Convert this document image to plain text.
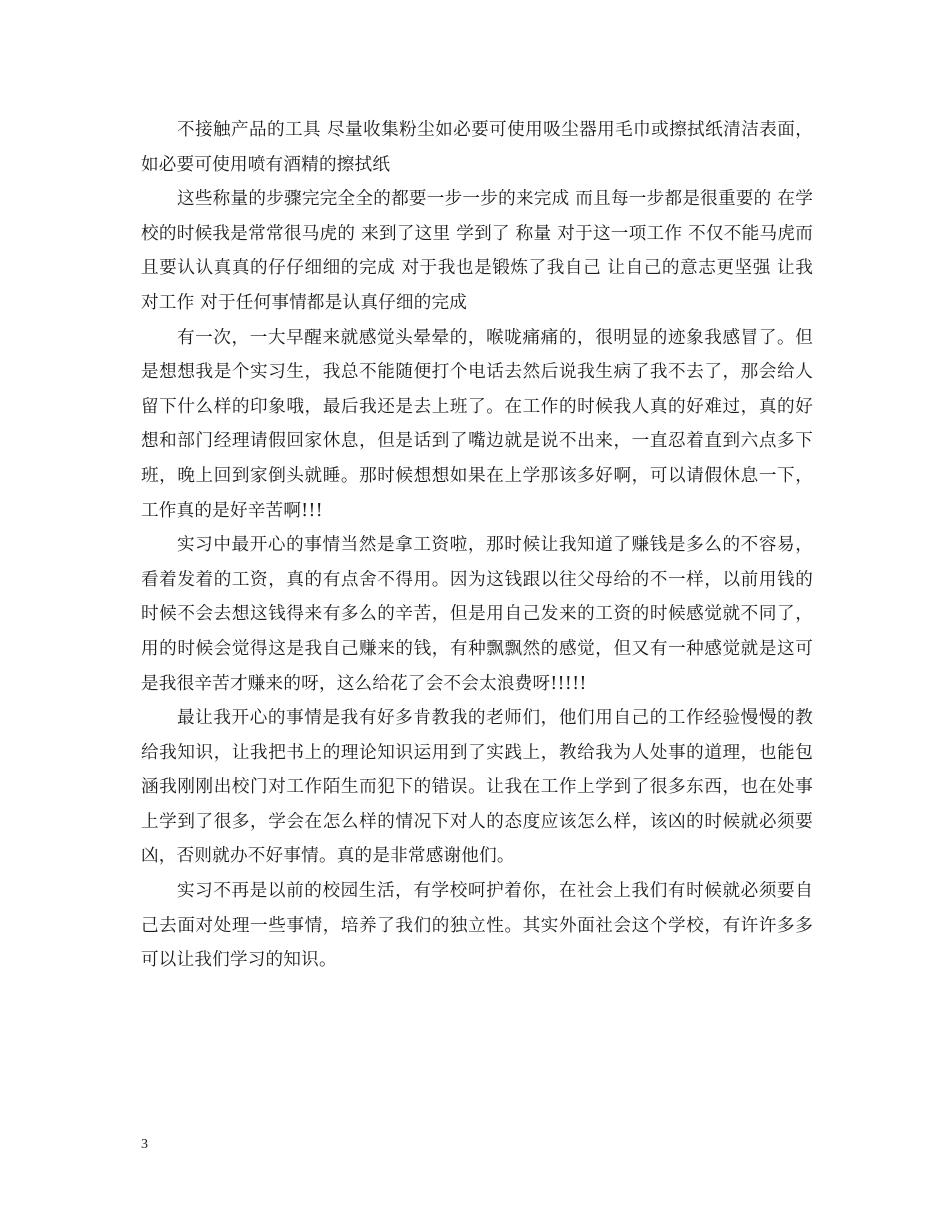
不接触产品的工具 尽量收集粉尘如必要可使用吸尘器用毛巾或擦拭纸清洁表面，如必要可使用喷有酒精的擦拭纸

这些称量的步骤完完全全的都要一步一步的来完成 而且每一步都是很重要的 在学校的时候我是常常很马虎的 来到了这里 学到了 称量 对于这一项工作 不仅不能马虎而且要认认真真的仔仔细细的完成 对于我也是锻炼了我自己 让自己的意志更坚强 让我对工作 对于任何事情都是认真仔细的完成

有一次，一大早醒来就感觉头晕晕的，喉咙痛痛的，很明显的迹象我感冒了。但是想想我是个实习生，我总不能随便打个电话去然后说我生病了我不去了，那会给人留下什么样的印象哦，最后我还是去上班了。在工作的时候我人真的好难过，真的好想和部门经理请假回家休息，但是话到了嘴边就是说不出来，一直忍着直到六点多下班，晚上回到家倒头就睡。那时候想想如果在上学那该多好啊，可以请假休息一下，工作真的是好辛苦啊!!!

实习中最开心的事情当然是拿工资啦，那时候让我知道了赚钱是多么的不容易，看着发着的工资，真的有点舍不得用。因为这钱跟以往父母给的不一样，以前用钱的时候不会去想这钱得来有多么的辛苦，但是用自己发来的工资的时候感觉就不同了，用的时候会觉得这是我自己赚来的钱，有种飘飘然的感觉，但又有一种感觉就是这可是我很辛苦才赚来的呀，这么给花了会不会太浪费呀!!!!!

最让我开心的事情是我有好多肯教我的老师们，他们用自己的工作经验慢慢的教给我知识，让我把书上的理论知识运用到了实践上，教给我为人处事的道理，也能包涵我刚刚出校门对工作陌生而犯下的错误。让我在工作上学到了很多东西，也在处事上学到了很多，学会在怎么样的情况下对人的态度应该怎么样，该凶的时候就必须要凶，否则就办不好事情。真的是非常感谢他们。

实习不再是以前的校园生活，有学校呵护着你，在社会上我们有时候就必须要自己去面对处理一些事情，培养了我们的独立性。其实外面社会这个学校，有许许多多可以让我们学习的知识。

3
